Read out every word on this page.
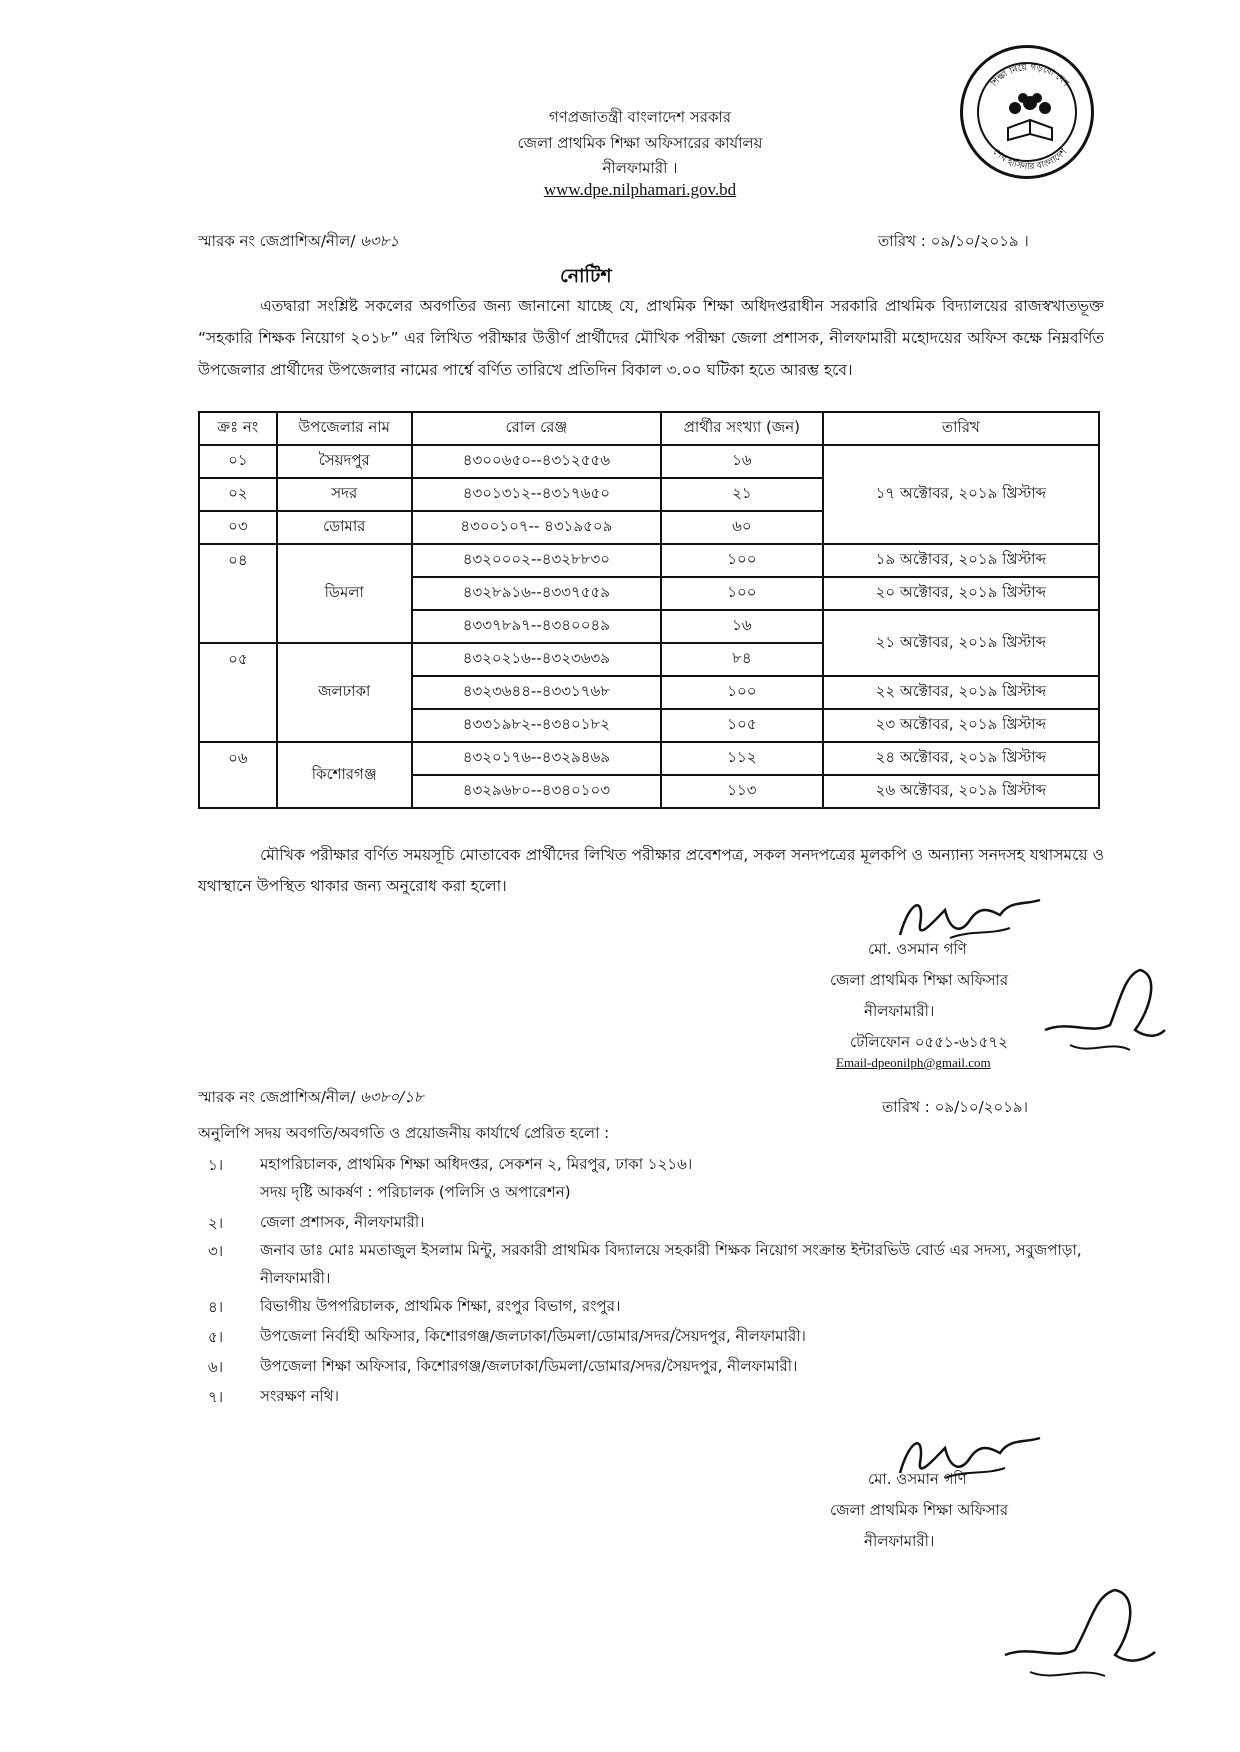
শিক্ষা নিয়ে গড়বো দেশ
শেখ হাসিনার বাংলাদেশ
গণপ্রজাতন্ত্রী বাংলাদেশ সরকার
জেলা প্রাথমিক শিক্ষা অফিসারের কার্যালয়
নীলফামারী ।
www.dpe.nilphamari.gov.bd
স্মারক নং জেপ্রাশিঅ/নীল/ ৬৩৮১	তারিখ : ০৯/১০/২০১৯ ।
নোটিশ
এতদ্বারা সংশ্লিষ্ট সকলের অবগতির জন্য জানানো যাচ্ছে যে, প্রাথমিক শিক্ষা অধিদপ্তরাধীন সরকারি প্রাথমিক বিদ্যালয়ের রাজস্বখাতভূক্ত “সহকারি শিক্ষক নিয়োগ ২০১৮” এর লিখিত পরীক্ষার উত্তীর্ণ প্রার্থীদের মৌখিক পরীক্ষা জেলা প্রশাসক, নীলফামারী মহোদয়ের অফিস কক্ষে নিম্নবর্ণিত উপজেলার প্রার্থীদের উপজেলার নামের পার্শ্বে বর্ণিত তারিখে প্রতিদিন বিকাল ৩.০০ ঘটিকা হতে আরম্ভ হবে।
ক্রঃ নং	উপজেলার নাম	রোল রেঞ্জ	প্রার্থীর সংখ্যা (জন)	তারিখ
০১	সৈয়দপুর	৪৩০০৬৫০--৪৩১২৫৫৬	১৬	১৭ অক্টোবর, ২০১৯ খ্রিস্টাব্দ
০২	সদর	৪৩০১৩১২--৪৩১৭৬৫০	২১	
০৩	ডোমার	৪৩০০১০৭-- ৪৩১৯৫০৯	৬০	
০৪	ডিমলা	৪৩২০০০২--৪৩২৮৮৩০	১০০	১৯ অক্টোবর, ২০১৯ খ্রিস্টাব্দ
		৪৩২৮৯১৬--৪৩৩৭৫৫৯	১০০	২০ অক্টোবর, ২০১৯ খ্রিস্টাব্দ
		৪৩৩৭৮৯৭--৪৩৪০০৪৯	১৬	২১ অক্টোবর, ২০১৯ খ্রিস্টাব্দ
০৫	জলঢাকা	৪৩২০২১৬--৪৩২৩৬৩৯	৮৪	
		৪৩২৩৬৪৪--৪৩৩১৭৬৮	১০০	২২ অক্টোবর, ২০১৯ খ্রিস্টাব্দ
		৪৩৩১৯৮২--৪৩৪০১৮২	১০৫	২৩ অক্টোবর, ২০১৯ খ্রিস্টাব্দ
০৬	কিশোরগঞ্জ	৪৩২০১৭৬--৪৩২৯৪৬৯	১১২	২৪ অক্টোবর, ২০১৯ খ্রিস্টাব্দ
		৪৩২৯৬৮০--৪৩৪০১০৩	১১৩	২৬ অক্টোবর, ২০১৯ খ্রিস্টাব্দ
মৌখিক পরীক্ষার বর্ণিত সময়সূচি মোতাবেক প্রার্থীদের লিখিত পরীক্ষার প্রবেশপত্র, সকল সনদপত্রের মূলকপি ও অন্যান্য সনদসহ যথাসময়ে ও যথাস্থানে উপস্থিত থাকার জন্য অনুরোধ করা হলো।
মো. ওসমান গণি
জেলা প্রাথমিক শিক্ষা অফিসার
নীলফামারী।
টেলিফোন ০৫৫১-৬১৫৭২
Email-dpeonilph@gmail.com
স্মারক নং জেপ্রাশিঅ/নীল/ ৬৩৮০/১৮
তারিখ : ০৯/১০/২০১৯।
অনুলিপি সদয় অবগতি/অবগতি ও প্রয়োজনীয় কার্যার্থে প্রেরিত হলো :
১। মহাপরিচালক, প্রাথমিক শিক্ষা অধিদপ্তর, সেকশন ২, মিরপুর, ঢাকা ১২১৬।
সদয় দৃষ্টি আকর্ষণ : পরিচালক (পলিসি ও অপারেশন)
২। জেলা প্রশাসক, নীলফামারী।
৩। জনাব ডাঃ মোঃ মমতাজুল ইসলাম মিন্টু, সরকারী প্রাথমিক বিদ্যালয়ে সহকারী শিক্ষক নিয়োগ সংক্রান্ত ইন্টারভিউ বোর্ড এর সদস্য, সবুজপাড়া, নীলফামারী।
৪। বিভাগীয় উপপরিচালক, প্রাথমিক শিক্ষা, রংপুর বিভাগ, রংপুর।
৫। উপজেলা নির্বাহী অফিসার, কিশোরগঞ্জ/জলঢাকা/ডিমলা/ডোমার/সদর/সৈয়দপুর, নীলফামারী।
৬। উপজেলা শিক্ষা অফিসার, কিশোরগঞ্জ/জলঢাকা/ডিমলা/ডোমার/সদর/সৈয়দপুর, নীলফামারী।
৭। সংরক্ষণ নথি।
মো. ওসমান গণি
জেলা প্রাথমিক শিক্ষা অফিসার
নীলফামারী।
